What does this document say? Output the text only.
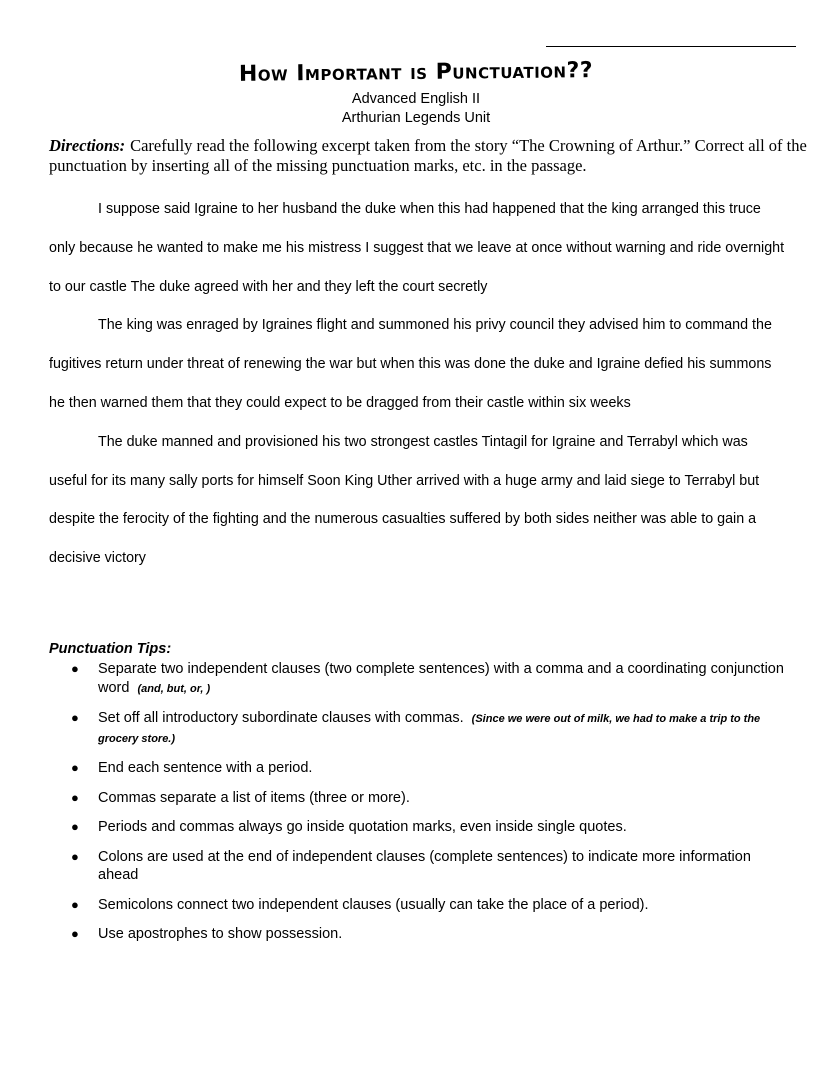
How Important is Punctuation??
Advanced English II
Arthurian Legends Unit
Directions: Carefully read the following excerpt taken from the story “The Crowning of Arthur.” Correct all of the punctuation by inserting all of the missing punctuation marks, etc. in the passage.

I suppose said Igraine to her husband the duke when this had happened that the king arranged this truce only because he wanted to make me his mistress I suggest that we leave at once without warning and ride overnight to our castle The duke agreed with her and they left the court secretly

The king was enraged by Igraines flight and summoned his privy council they advised him to command the fugitives return under threat of renewing the war but when this was done the duke and Igraine defied his summons he then warned them that they could expect to be dragged from their castle within six weeks

The duke manned and provisioned his two strongest castles Tintagil for Igraine and Terrabyl which was useful for its many sally ports for himself Soon King Uther arrived with a huge army and laid siege to Terrabyl but despite the ferocity of the fighting and the numerous casualties suffered by both sides neither was able to gain a decisive victory

Punctuation Tips:
● Separate two independent clauses (two complete sentences) with a comma and a coordinating conjunction word (and, but, or, )
● Set off all introductory subordinate clauses with commas. (Since we were out of milk, we had to make a trip to the grocery store.)
● End each sentence with a period.
● Commas separate a list of items (three or more).
● Periods and commas always go inside quotation marks, even inside single quotes.
● Colons are used at the end of independent clauses (complete sentences) to indicate more information ahead
● Semicolons connect two independent clauses (usually can take the place of a period).
● Use apostrophes to show possession.
